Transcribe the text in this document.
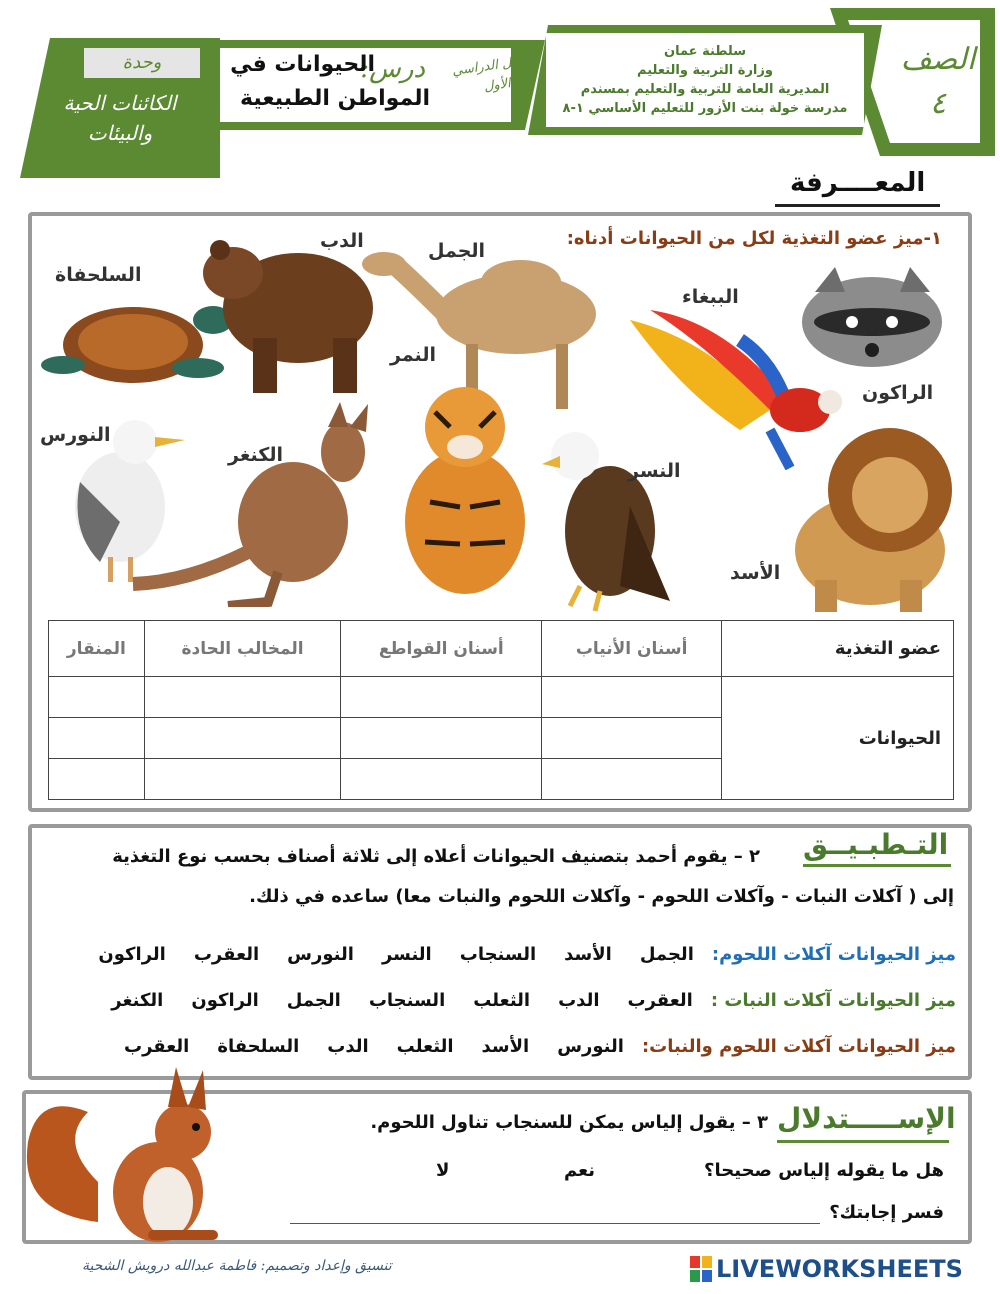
الصف ٤
سلطنة عمان
وزارة التربية والتعليم
المديرية العامة للتربية والتعليم بمسندم
مدرسة خولة بنت الأزور للتعليم الأساسي ١-٨
درس:
الحيوانات في
المواطن الطبيعية
الفصل الدراسي الأول
وحدة
الكائنات الحية والبيئات
المعــــرفة
١-ميز عضو التغذية لكل من الحيوانات أدناه:
السلحفاة
الدب	الجمل
الببغاء
الراكون
النمر
النورس
الكنغر
النسر
الأسد
عضو التغذية	أسنان الأنياب	أسنان القواطع	المخالب الحادة	المنقار
الحيوانات				

التـطبـيــق
٢ – يقوم أحمد بتصنيف الحيوانات أعلاه إلى ثلاثة أصناف بحسب نوع التغذية
إلى ( آكلات النبات - وآكلات اللحوم - وآكلات اللحوم والنبات معا) ساعده في ذلك.
ميز الحيوانات آكلات اللحوم:
الجمل
الأسد
السنجاب
النسر
النورس
العقرب
الراكون
ميز الحيوانات آكلات النبات :
العقرب
الدب
الثعلب
السنجاب
الجمل
الراكون
الكنغر
ميز الحيوانات آكلات اللحوم والنبات:
النورس
الأسد
الثعلب
الدب
السلحفاة
العقرب
الإســـــتدلال
٣ – يقول إلياس يمكن للسنجاب تناول اللحوم.
هل ما يقوله إلياس صحيحا؟
نعم
لا
فسر إجابتك؟
تنسيق وإعداد وتصميم: فاطمة عبدالله درويش الشحية	LIVEWORKSHEETS
